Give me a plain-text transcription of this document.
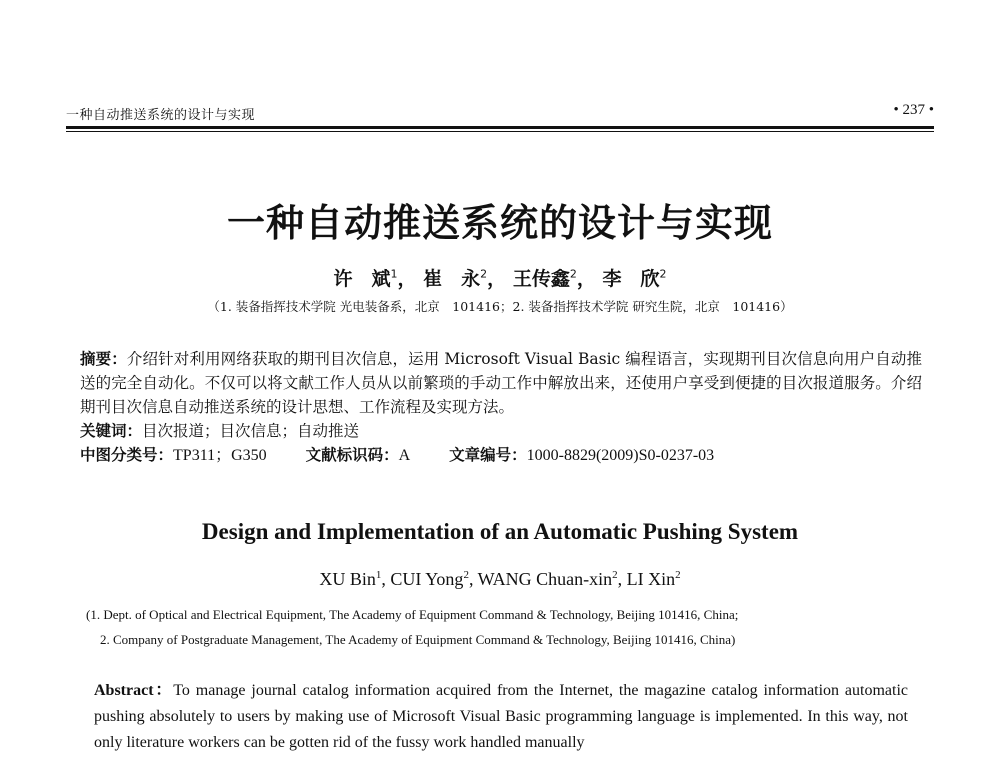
一种自动推送系统的设计与实现	• 237 •
一种自动推送系统的设计与实现
许　斌$^1$， 崔　永$^2$， 王传鑫$^2$， 李　欣$^2$
（1. 装备指挥技术学院 光电装备系，北京　101416；2. 装备指挥技术学院 研究生院，北京　101416）

摘要：介绍针对利用网络获取的期刊目次信息，运用 Microsoft Visual Basic 编程语言，实现期刊目次信息向用户自动推送的完全自动化。不仅可以将文献工作人员从以前繁琐的手动工作中解放出来，还使用户享受到便捷的目次报道服务。介绍期刊目次信息自动推送系统的设计思想、工作流程及实现方法。

关键词：目次报道；目次信息；自动推送

中图分类号：TP311；G350	文献标识码：A	文章编号：1000-8829(2009)S0-0237-03

Design and Implementation of an Automatic Pushing System
XU Bin$^1$, CUI Yong$^2$, WANG Chuan-xin$^2$, LI Xin$^2$
(1. Dept. of Optical and Electrical Equipment, The Academy of Equipment Command & Technology, Beijing 101416, China;
2. Company of Postgraduate Management, The Academy of Equipment Command & Technology, Beijing 101416, China)

Abstract：To manage journal catalog information acquired from the Internet, the magazine catalog information automatic pushing absolutely to users by making use of Microsoft Visual Basic programming language is implemented. In this way, not only literature workers can be gotten rid of the fussy work handled manually
